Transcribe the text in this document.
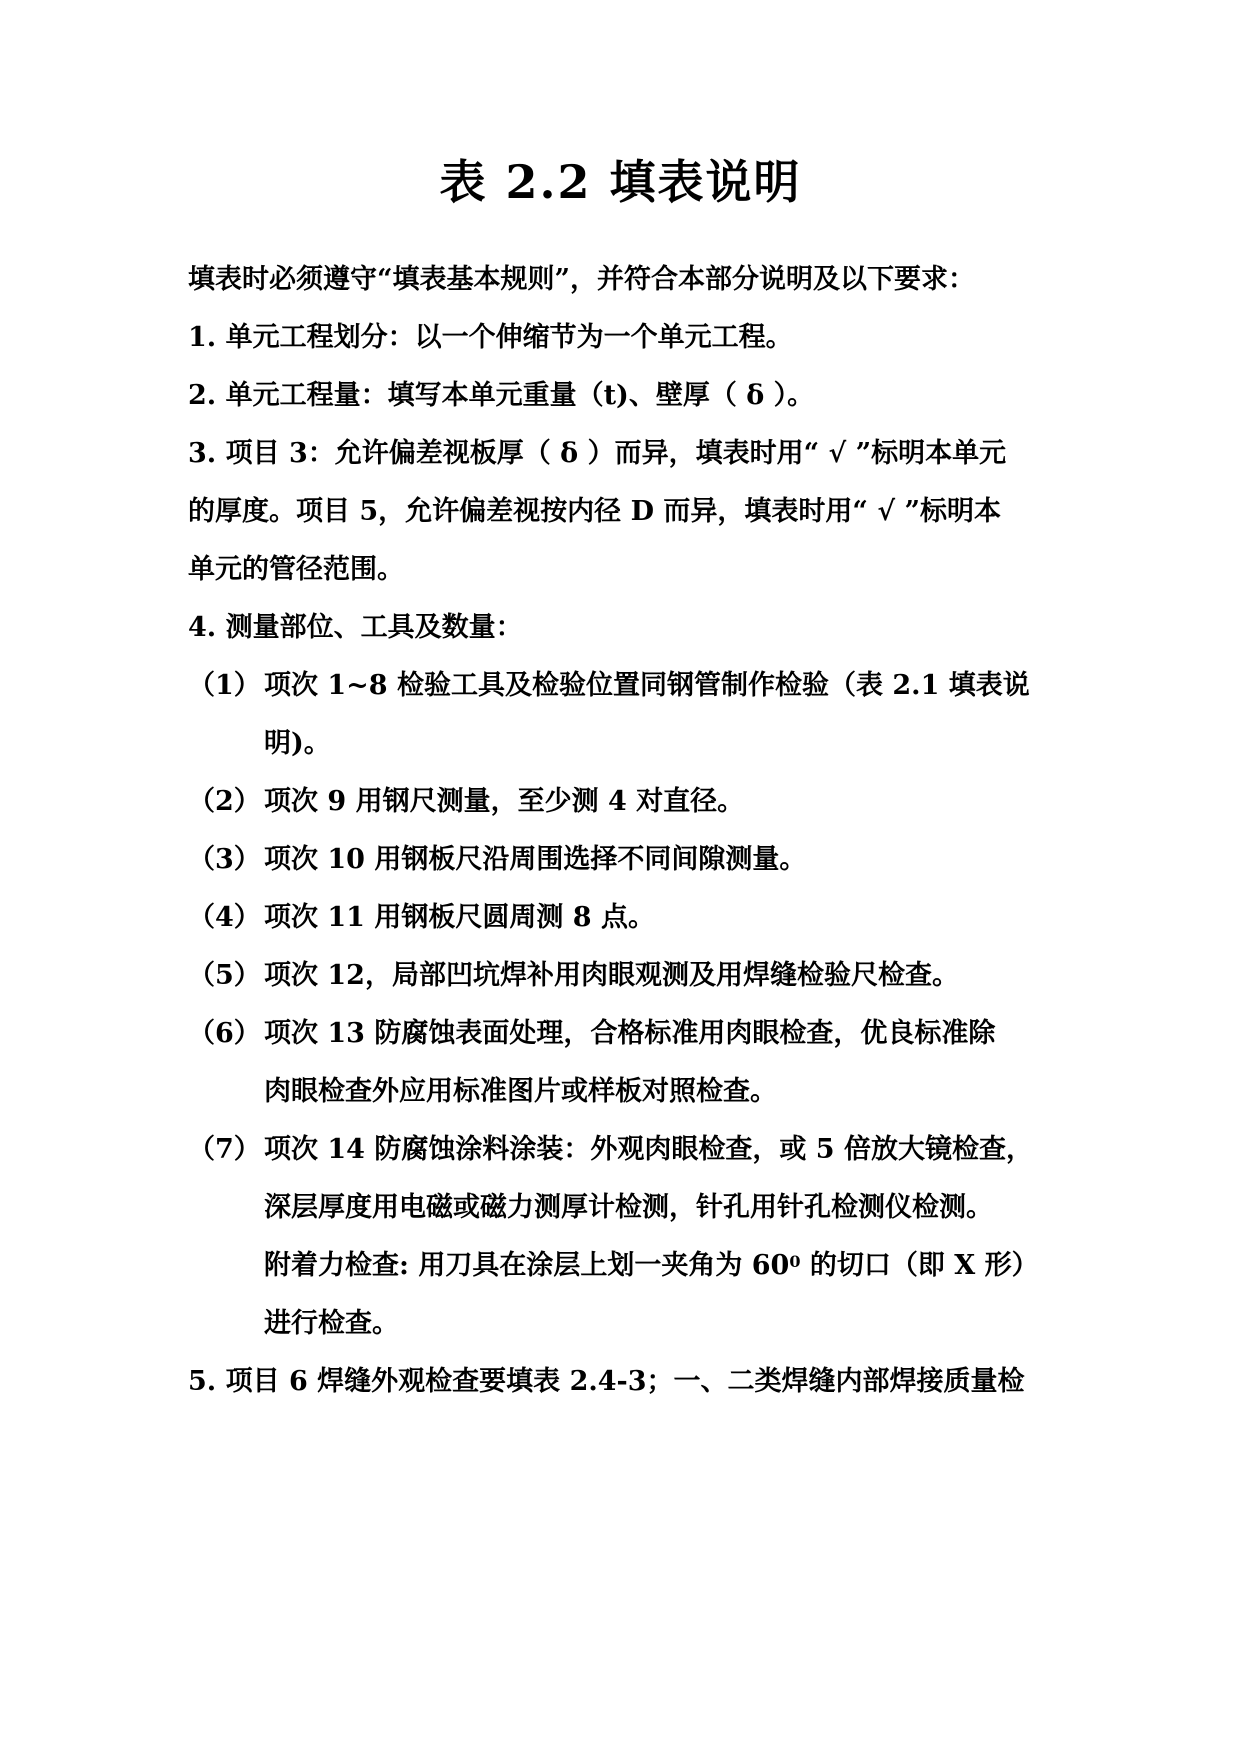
表 2.2 填表说明
填表时必须遵守“填表基本规则”，并符合本部分说明及以下要求：
1. 单元工程划分：以一个伸缩节为一个单元工程。
2. 单元工程量：填写本单元重量（t)、壁厚（ δ ）。
3. 项目 3：允许偏差视板厚（ δ ）而异，填表时用“ √ ”标明本单元
的厚度。项目 5，允许偏差视按内径 D 而异，填表时用“ √ ”标明本
单元的管径范围。
4. 测量部位、工具及数量：
（1） 项次 1~8 检验工具及检验位置同钢管制作检验（表 2.1 填表说
明)。
（2） 项次 9 用钢尺测量，至少测 4 对直径。
（3） 项次 10 用钢板尺沿周围选择不同间隙测量。
（4） 项次 11 用钢板尺圆周测 8 点。
（5） 项次 12，局部凹坑焊补用肉眼观测及用焊缝检验尺检查。
（6） 项次 13 防腐蚀表面处理，合格标准用肉眼检查，优良标准除
肉眼检查外应用标准图片或样板对照检查。
（7） 项次 14 防腐蚀涂料涂装：外观肉眼检查，或 5 倍放大镜检查，
深层厚度用电磁或磁力测厚计检测，针孔用针孔检测仪检测。
附着力检查: 用刀具在涂层上划一夹角为 $60^0$ 的切口（即 X 形）
进行检查。
5. 项目 6 焊缝外观检查要填表 2.4-3；一、二类焊缝内部焊接质量检
